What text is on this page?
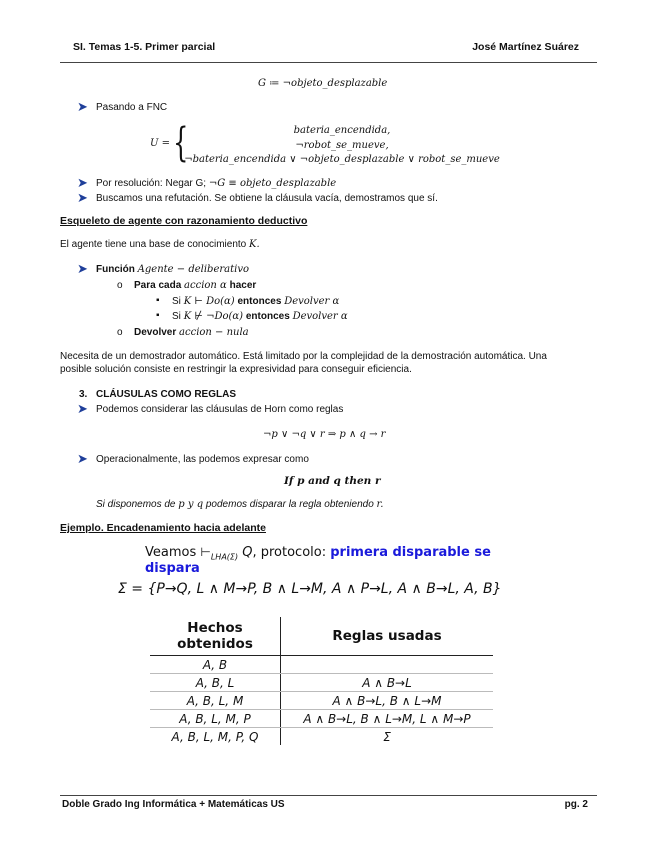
SI. Temas 1-5. Primer parcial	José Martínez Suárez
G ≔ ¬objeto_desplazable
➤ Pasando a FNC
U = {	bateria_encendida,
¬robot_se_mueve,
¬bateria_encendida ∨ ¬objeto_desplazable ∨ robot_se_mueve
➤ Por resolución: Negar G; ¬G ≡ objeto_desplazable
➤ Buscamos una refutación. Se obtiene la cláusula vacía, demostramos que sí.
Esqueleto de agente con razonamiento deductivo
El agente tiene una base de conocimiento K.
➤ Función Agente − deliberativo
o Para cada accion α hacer
▪ Si K ⊢ Do(α) entonces Devolver α
▪ Si K ⊬ ¬Do(α) entonces Devolver α
o Devolver accion − nula
Necesita de un demostrador automático. Está limitado por la complejidad de la demostración automática. Una
posible solución consiste en restringir la expresividad para conseguir eficiencia.
3. CLÁUSULAS COMO REGLAS
➤ Podemos considerar las cláusulas de Horn como reglas
¬p ∨ ¬q ∨ r ⇒ p ∧ q → r
➤ Operacionalmente, las podemos expresar como
If p and q then r
Si disponemos de p y q podemos disparar la regla obteniendo r.
Ejemplo. Encadenamiento hacia adelante
Veamos $⊢_{LHA(\Sigma)}$ Q, protocolo: primera disparable se
dispara
Σ = {P→Q, L ∧ M→P, B ∧ L→M, A ∧ P→L, A ∧ B→L, A, B}
Hechos obtenidos	Reglas usadas
A, B	
A, B, L	A ∧ B→L
A, B, L, M	A ∧ B→L, B ∧ L→M
A, B, L, M, P	A ∧ B→L, B ∧ L→M, L ∧ M→P
A, B, L, M, P, Q	Σ
Doble Grado Ing Informática + Matemáticas US	pg. 2
